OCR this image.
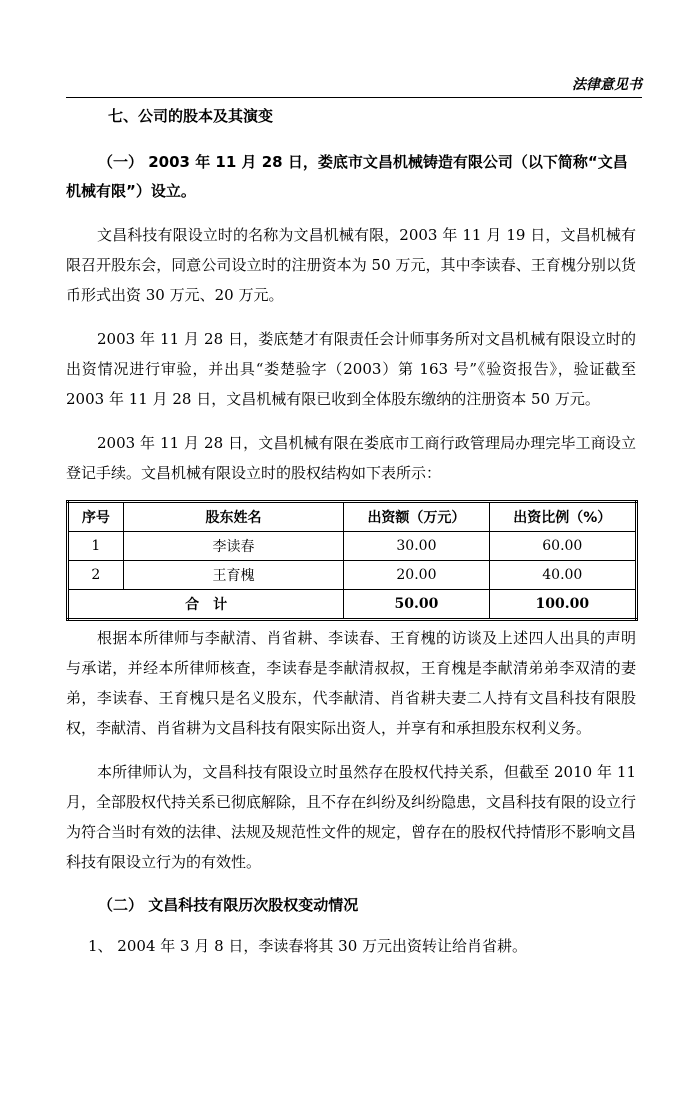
法律意见书

七、公司的股本及其演变

（一） 2003 年 11 月 28 日，娄底市文昌机械铸造有限公司（以下简称“文昌机械有限”）设立。

文昌科技有限设立时的名称为文昌机械有限，2003 年 11 月 19 日，文昌机械有限召开股东会，同意公司设立时的注册资本为 50 万元，其中李读春、王育槐分别以货币形式出资 30 万元、20 万元。

2003 年 11 月 28 日，娄底楚才有限责任会计师事务所对文昌机械有限设立时的出资情况进行审验，并出具“娄楚验字（2003）第 163 号”《验资报告》，验证截至 2003 年 11 月 28 日，文昌机械有限已收到全体股东缴纳的注册资本 50 万元。

2003 年 11 月 28 日，文昌机械有限在娄底市工商行政管理局办理完毕工商设立登记手续。文昌机械有限设立时的股权结构如下表所示：

序号	股东姓名	出资额（万元）	出资比例（%）
1	李读春	30.00	60.00
2	王育槐	20.00	40.00
合　计		50.00	100.00

根据本所律师与李献清、肖省耕、李读春、王育槐的访谈及上述四人出具的声明与承诺，并经本所律师核查，李读春是李献清叔叔，王育槐是李献清弟弟李双清的妻弟，李读春、王育槐只是名义股东，代李献清、肖省耕夫妻二人持有文昌科技有限股权，李献清、肖省耕为文昌科技有限实际出资人，并享有和承担股东权利义务。

本所律师认为，文昌科技有限设立时虽然存在股权代持关系，但截至 2010 年 11 月，全部股权代持关系已彻底解除，且不存在纠纷及纠纷隐患，文昌科技有限的设立行为符合当时有效的法律、法规及规范性文件的规定，曾存在的股权代持情形不影响文昌科技有限设立行为的有效性。

（二） 文昌科技有限历次股权变动情况

1、 2004 年 3 月 8 日，李读春将其 30 万元出资转让给肖省耕。
